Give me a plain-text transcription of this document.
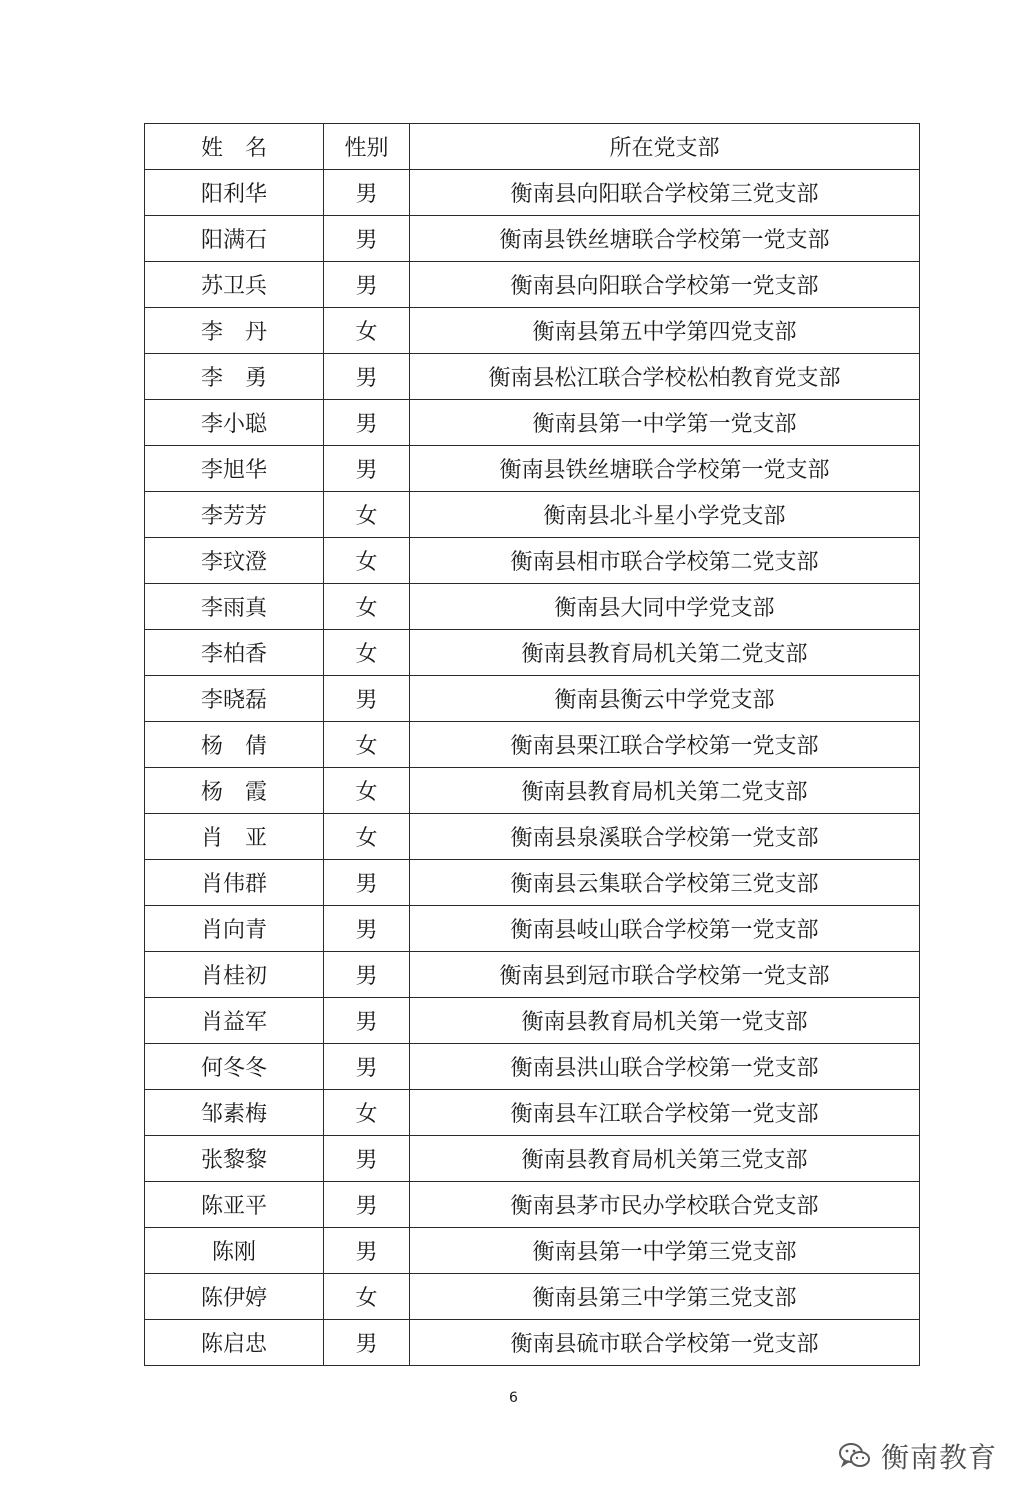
姓　名	性别	所在党支部
阳利华	男	衡南县向阳联合学校第三党支部
阳满石	男	衡南县铁丝塘联合学校第一党支部
苏卫兵	男	衡南县向阳联合学校第一党支部
李　丹	女	衡南县第五中学第四党支部
李　勇	男	衡南县松江联合学校松柏教育党支部
李小聪	男	衡南县第一中学第一党支部
李旭华	男	衡南县铁丝塘联合学校第一党支部
李芳芳	女	衡南县北斗星小学党支部
李玟澄	女	衡南县相市联合学校第二党支部
李雨真	女	衡南县大同中学党支部
李柏香	女	衡南县教育局机关第二党支部
李晓磊	男	衡南县衡云中学党支部
杨　倩	女	衡南县栗江联合学校第一党支部
杨　霞	女	衡南县教育局机关第二党支部
肖　亚	女	衡南县泉溪联合学校第一党支部
肖伟群	男	衡南县云集联合学校第三党支部
肖向青	男	衡南县岐山联合学校第一党支部
肖桂初	男	衡南县到冠市联合学校第一党支部
肖益军	男	衡南县教育局机关第一党支部
何冬冬	男	衡南县洪山联合学校第一党支部
邹素梅	女	衡南县车江联合学校第一党支部
张黎黎	男	衡南县教育局机关第三党支部
陈亚平	男	衡南县茅市民办学校联合党支部
陈刚	男	衡南县第一中学第三党支部
陈伊婷	女	衡南县第三中学第三党支部
陈启忠	男	衡南县硫市联合学校第一党支部
6
衡南教育
